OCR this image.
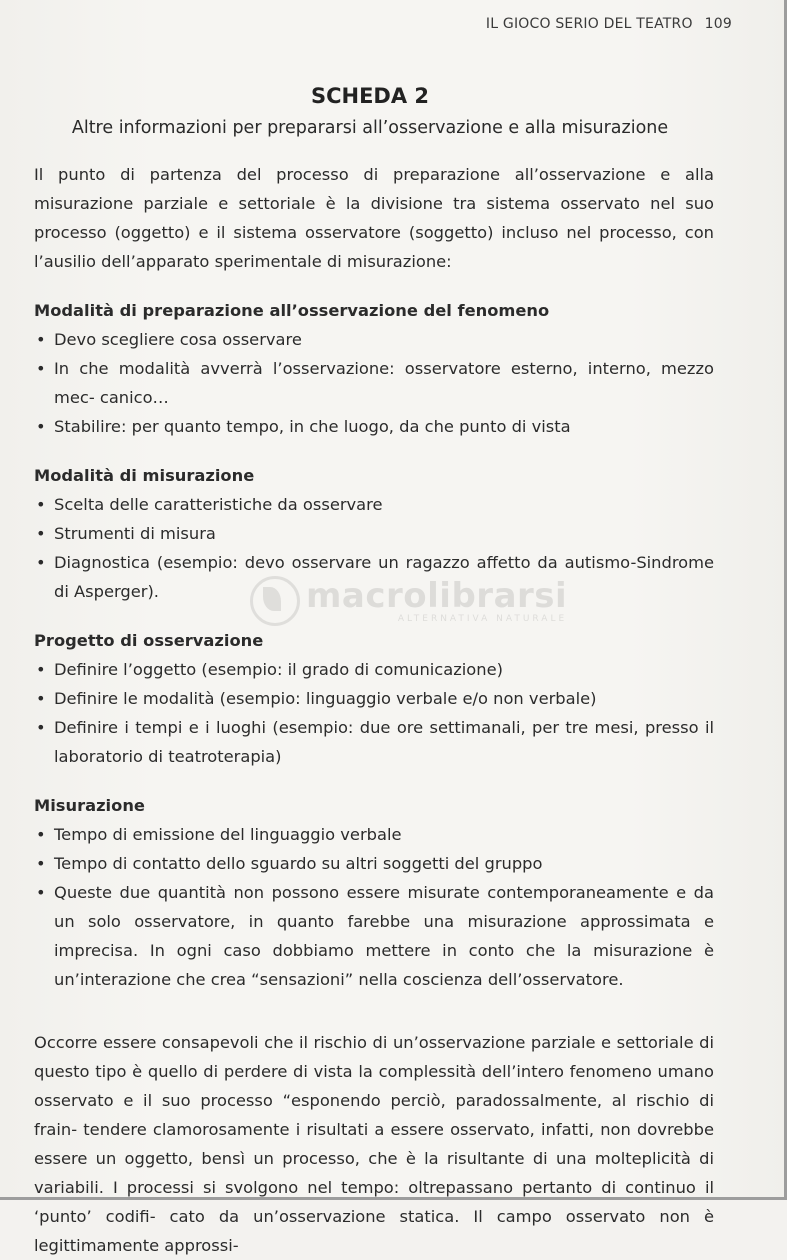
IL GIOCO SERIO DEL TEATRO 109
SCHEDA 2
Altre informazioni per prepararsi all’osservazione e alla misurazione

Il punto di partenza del processo di preparazione all’osservazione e alla misurazione parziale e settoriale è la divisione tra sistema osservato nel suo processo (oggetto) e il sistema osservatore (soggetto) incluso nel processo, con l’ausilio dell’apparato sperimentale di misurazione:

Modalità di preparazione all’osservazione del fenomeno

• Devo scegliere cosa osservare
• In che modalità avverrà l’osservazione: osservatore esterno, interno, mezzo mec- canico…
• Stabilire: per quanto tempo, in che luogo, da che punto di vista

Modalità di misurazione

• Scelta delle caratteristiche da osservare
• Strumenti di misura
• Diagnostica (esempio: devo osservare un ragazzo affetto da autismo-Sindrome di Asperger).

Progetto di osservazione

• Definire l’oggetto (esempio: il grado di comunicazione)
• Definire le modalità (esempio: linguaggio verbale e/o non verbale)
• Definire i tempi e i luoghi (esempio: due ore settimanali, per tre mesi, presso il laboratorio di teatroterapia)

Misurazione

• Tempo di emissione del linguaggio verbale
• Tempo di contatto dello sguardo su altri soggetti del gruppo
• Queste due quantità non possono essere misurate contemporaneamente e da un solo osservatore, in quanto farebbe una misurazione approssimata e imprecisa. In ogni caso dobbiamo mettere in conto che la misurazione è un’interazione che crea “sensazioni” nella coscienza dell’osservatore.

Occorre essere consapevoli che il rischio di un’osservazione parziale e settoriale di questo tipo è quello di perdere di vista la complessità dell’intero fenomeno umano osservato e il suo processo “esponendo perciò, paradossalmente, al rischio di frain- tendere clamorosamente i risultati a essere osservato, infatti, non dovrebbe essere un oggetto, bensì un processo, che è la risultante di una molteplicità di variabili. I processi si svolgono nel tempo: oltrepassano pertanto di continuo il ‘punto’ codifi- cato da un’osservazione statica. Il campo osservato non è legittimamente approssi-

macrolibrarsi
ALTERNATIVA NATURALE
